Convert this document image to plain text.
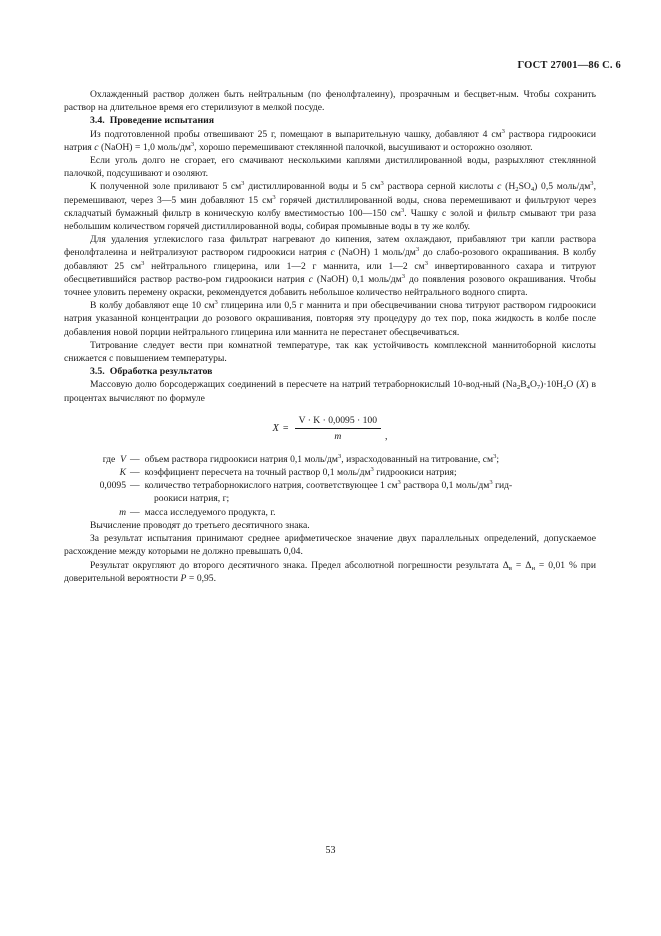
ГОСТ 27001—86 С. 6

Охлажденный раствор должен быть нейтральным (по фенолфталеину), прозрачным и бесцвет-ным. Чтобы сохранить раствор на длительное время его стерилизуют в мелкой посуде.

3.4. Проведение испытания

Из подготовленной пробы отвешивают 25 г, помещают в выпарительную чашку, добавляют 4 $см^3$ раствора гидроокиси натрия с (NaOH) = 1,0 моль/$дм^3$, хорошо перемешивают стеклянной палочкой, высушивают и осторожно озоляют.

Если уголь долго не сгорает, его смачивают несколькими каплями дистиллированной воды, разрыхляют стеклянной палочкой, подсушивают и озоляют.

К полученной золе приливают 5 $см^3$ дистиллированной воды и 5 $см^3$ раствора серной кислоты с $(H_2SO_4)$ 0,5 моль/$дм^3$, перемешивают, через 3—5 мин добавляют 15 $см^3$ горячей дистиллированной воды, снова перемешивают и фильтруют через складчатый бумажный фильтр в коническую колбу вместимостью 100—150 $см^3$. Чашку с золой и фильтр смывают три раза небольшим количеством горячей дистиллированной воды, собирая промывные воды в ту же колбу.

Для удаления углекислого газа фильтрат нагревают до кипения, затем охлаждают, прибавляют три капли раствора фенолфталеина и нейтрализуют раствором гидроокиси натрия с (NaOH) 1 моль/$дм^3$ до слабо-розового окрашивания. В колбу добавляют 25 $см^3$ нейтрального глицерина, или 1—2 г маннита, или 1—2 $см^3$ инвертированного сахара и титруют обесцветившийся раствор раство-ром гидроокиси натрия с (NaOH) 0,1 моль/$дм^3$ до появления розового окрашивания. Чтобы точнее уловить перемену окраски, рекомендуется добавить небольшое количество нейтрального водного спирта.

В колбу добавляют еще 10 $см^3$ глицерина или 0,5 г маннита и при обесцвечивании снова титруют раствором гидроокиси натрия указанной концентрации до розового окрашивания, повторяя эту процедуру до тех пор, пока жидкость в колбе после добавления новой порции нейтрального глицерина или маннита не перестанет обесцвечиваться.

Титрование следует вести при комнатной температуре, так как устойчивость комплексной маннитоборной кислоты снижается с повышением температуры.

3.5. Обработка результатов

Массовую долю борсодержащих соединений в пересчете на натрий тетраборнокислый 10-вод-ный $(Na_2B_4O_7)\cdot 10H_2O$ (X) в процентах вычисляют по формуле

$X = \frac{V \cdot K \cdot 0,0095 \cdot 100}{m}$ ,
где V — объем раствора гидроокиси натрия 0,1 моль/$дм^3$, израсходованный на титрование, $см^3$;
K — коэффициент пересчета на точный раствор 0,1 моль/$дм^3$ гидроокиси натрия;
0,0095 — количество тетраборнокислого натрия, соответствующее 1 $см^3$ раствора 0,1 моль/$дм^3$ гид-
роокиси натрия, г;
m — масса исследуемого продукта, г.

Вычисление проводят до третьего десятичного знака.

За результат испытания принимают среднее арифметическое значение двух параллельных определений, допускаемое расхождение между которыми не должно превышать 0,04.

Результат округляют до второго десятичного знака. Предел абсолютной погрешности результата $\Delta_в = \Delta_н = 0,01$ % при доверительной вероятности P = 0,95.

53
